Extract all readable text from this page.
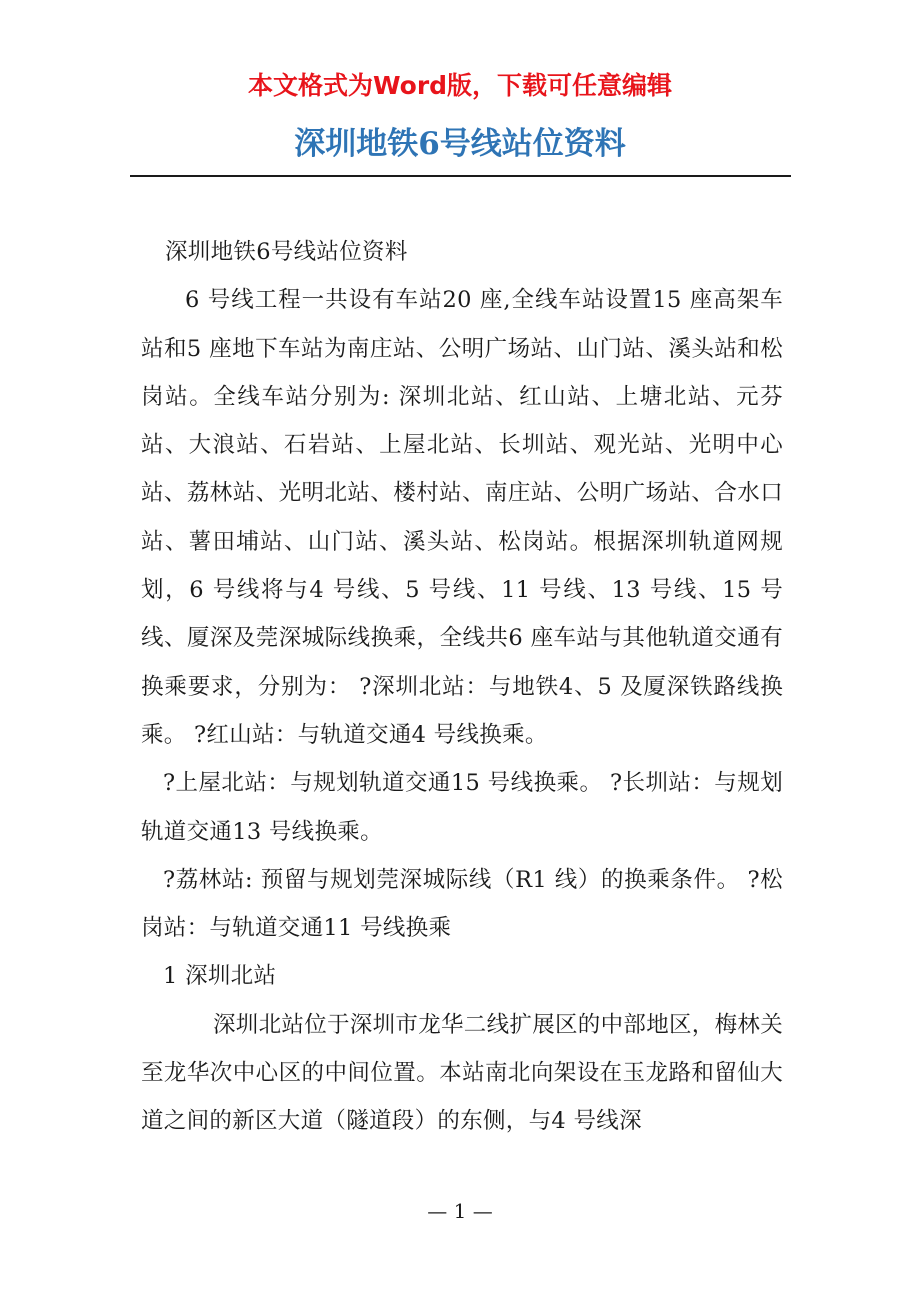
本文格式为Word版，下载可任意编辑

深圳地铁6号线站位资料

深圳地铁6号线站位资料

6 号线工程一共设有车站20 座,全线车站设置15 座高架车站和5 座地下车站为南庄站、公明广场站、山门站、溪头站和松岗站。全线车站分别为: 深圳北站、红山站、上塘北站、元芬站、大浪站、石岩站、上屋北站、长圳站、观光站、光明中心站、荔林站、光明北站、楼村站、南庄站、公明广场站、合水口站、薯田埔站、山门站、溪头站、松岗站。根据深圳轨道网规划，6 号线将与4 号线、5 号线、11 号线、13 号线、15 号线、厦深及莞深城际线换乘，全线共6 座车站与其他轨道交通有换乘要求，分别为： ?深圳北站：与地铁4、5 及厦深铁路线换乘。 ?红山站：与轨道交通4 号线换乘。

?上屋北站：与规划轨道交通15 号线换乘。 ?长圳站：与规划轨道交通13 号线换乘。

?荔林站: 预留与规划莞深城际线（R1 线）的换乘条件。 ?松岗站：与轨道交通11 号线换乘

1 深圳北站

深圳北站位于深圳市龙华二线扩展区的中部地区，梅林关至龙华次中心区的中间位置。本站南北向架设在玉龙路和留仙大道之间的新区大道（隧道段）的东侧，与4 号线深

— 1 —
